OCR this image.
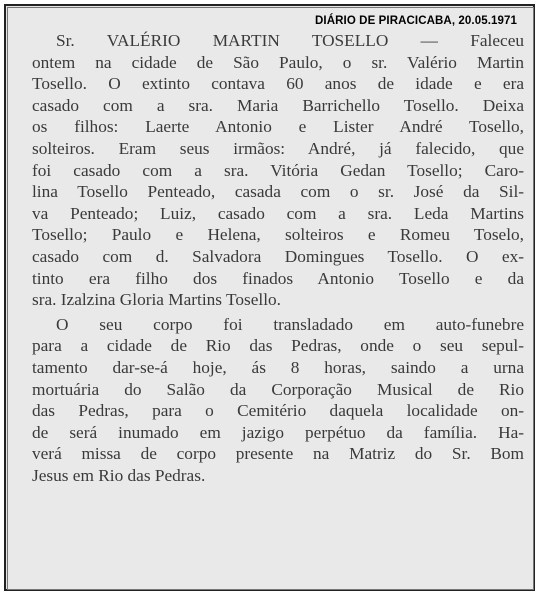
DIÁRIO DE PIRACICABA, 20.05.1971

Sr. VALÉRIO MARTIN TOSELLO — Faleceu
ontem na cidade de São Paulo, o sr. Valério Martin
Tosello. O extinto contava 60 anos de idade e era
casado com a sra. Maria Barrichello Tosello. Deixa
os filhos: Laerte Antonio e Lister André Tosello,
solteiros. Eram seus irmãos: André, já falecido, que
foi casado com a sra. Vitória Gedan Tosello; Caro-
lina Tosello Penteado, casada com o sr. José da Sil-
va Penteado; Luiz, casado com a sra. Leda Martins
Tosello; Paulo e Helena, solteiros e Romeu Toselo,
casado com d. Salvadora Domingues Tosello. O ex-
tinto era filho dos finados Antonio Tosello e da
sra. Izalzina Gloria Martins Tosello.

O seu corpo foi transladado em auto-funebre
para a cidade de Rio das Pedras, onde o seu sepul-
tamento dar-se-á hoje, ás 8 horas, saindo a urna
mortuária do Salão da Corporação Musical de Rio
das Pedras, para o Cemitério daquela localidade on-
de será inumado em jazigo perpétuo da família. Ha-
verá missa de corpo presente na Matriz do Sr. Bom
Jesus em Rio das Pedras.
